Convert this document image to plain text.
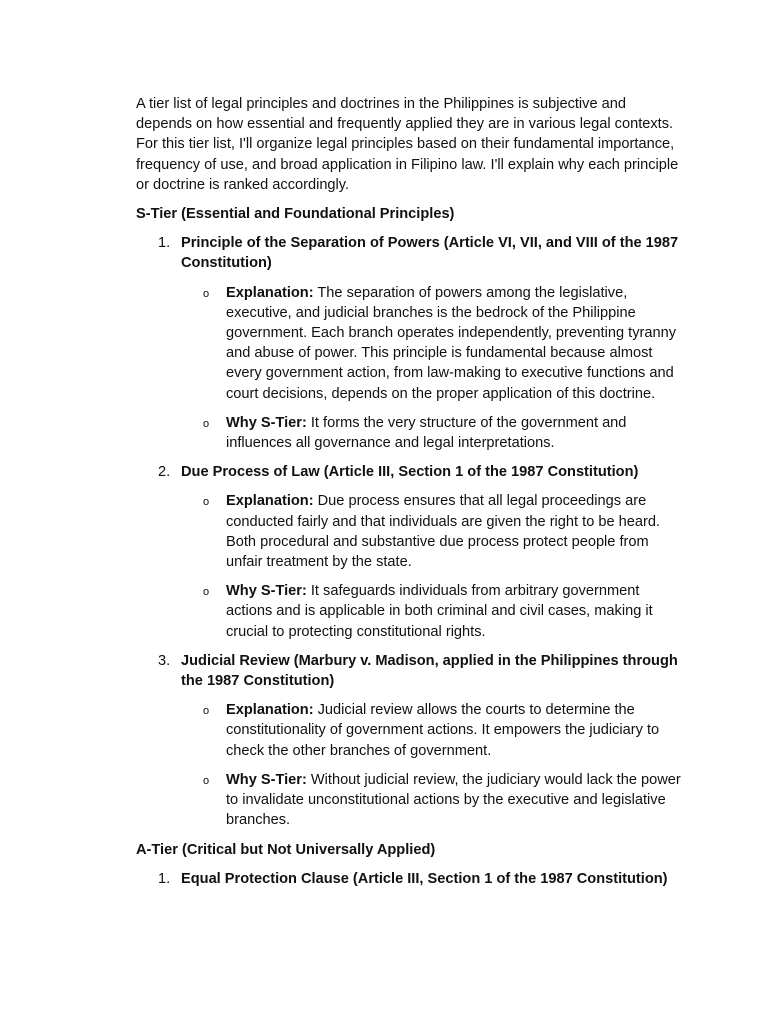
A tier list of legal principles and doctrines in the Philippines is subjective and depends on how essential and frequently applied they are in various legal contexts. For this tier list, I'll organize legal principles based on their fundamental importance, frequency of use, and broad application in Filipino law. I'll explain why each principle or doctrine is ranked accordingly.

S-Tier (Essential and Foundational Principles)
1. Principle of the Separation of Powers (Article VI, VII, and VIII of the 1987 Constitution)
o Explanation: The separation of powers among the legislative, executive, and judicial branches is the bedrock of the Philippine government. Each branch operates independently, preventing tyranny and abuse of power. This principle is fundamental because almost every government action, from law-making to executive functions and court decisions, depends on the proper application of this doctrine.
o Why S-Tier: It forms the very structure of the government and influences all governance and legal interpretations.
2. Due Process of Law (Article III, Section 1 of the 1987 Constitution)
o Explanation: Due process ensures that all legal proceedings are conducted fairly and that individuals are given the right to be heard. Both procedural and substantive due process protect people from unfair treatment by the state.
o Why S-Tier: It safeguards individuals from arbitrary government actions and is applicable in both criminal and civil cases, making it crucial to protecting constitutional rights.
3. Judicial Review (Marbury v. Madison, applied in the Philippines through the 1987 Constitution)
o Explanation: Judicial review allows the courts to determine the constitutionality of government actions. It empowers the judiciary to check the other branches of government.
o Why S-Tier: Without judicial review, the judiciary would lack the power to invalidate unconstitutional actions by the executive and legislative branches.
A-Tier (Critical but Not Universally Applied)
1. Equal Protection Clause (Article III, Section 1 of the 1987 Constitution)
